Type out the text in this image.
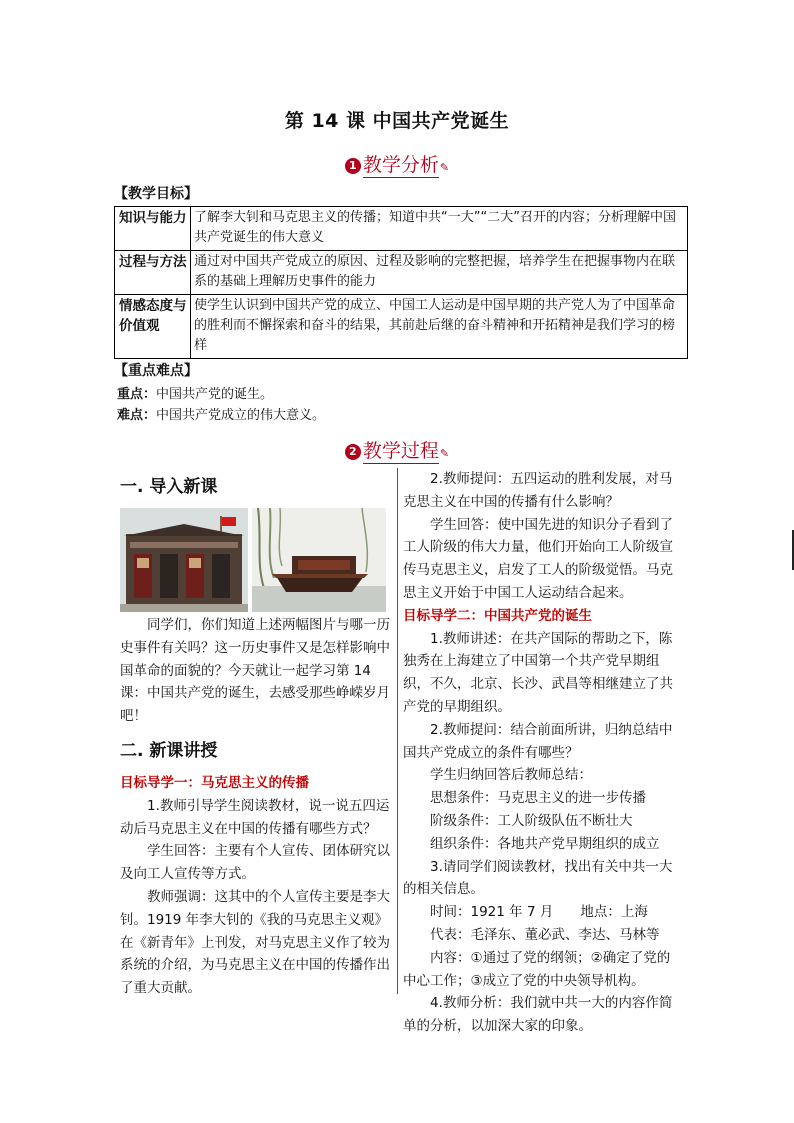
第 14 课 中国共产党诞生
1 教学分析✎
【教学目标】
知识与能力	了解李大钊和马克思主义的传播；知道中共“一大”“二大”召开的内容；分析理解中国共产党诞生的伟大意义
过程与方法	通过对中国共产党成立的原因、过程及影响的完整把握，培养学生在把握事物内在联系的基础上理解历史事件的能力
情感态度与价值观	使学生认识到中国共产党的成立、中国工人运动是中国早期的共产党人为了中国革命的胜利而不懈探索和奋斗的结果，其前赴后继的奋斗精神和开拓精神是我们学习的榜样
【重点难点】
重点：中国共产党的诞生。
难点：中国共产党成立的伟大意义。
2 教学过程✎
一. 导入新课

同学们，你们知道上述两幅图片与哪一历史事件有关吗？这一历史事件又是怎样影响中国革命的面貌的？今天就让一起学习第 14 课：中国共产党的诞生，去感受那些峥嵘岁月吧！

二. 新课讲授

目标导学一：马克思主义的传播

1.教师引导学生阅读教材，说一说五四运动后马克思主义在中国的传播有哪些方式？

学生回答：主要有个人宣传、团体研究以及向工人宣传等方式。

教师强调：这其中的个人宣传主要是李大钊。1919 年李大钊的《我的马克思主义观》在《新青年》上刊发，对马克思主义作了较为系统的介绍，为马克思主义在中国的传播作出了重大贡献。

2.教师提问：五四运动的胜利发展，对马克思主义在中国的传播有什么影响？

学生回答：使中国先进的知识分子看到了工人阶级的伟大力量，他们开始向工人阶级宣传马克思主义，启发了工人的阶级觉悟。马克思主义开始于中国工人运动结合起来。

目标导学二：中国共产党的诞生

1.教师讲述：在共产国际的帮助之下，陈独秀在上海建立了中国第一个共产党早期组织，不久，北京、长沙、武昌等相继建立了共产党的早期组织。

2.教师提问：结合前面所讲，归纳总结中国共产党成立的条件有哪些？

学生归纳回答后教师总结：

思想条件：马克思主义的进一步传播

阶级条件：工人阶级队伍不断壮大

组织条件：各地共产党早期组织的成立

3.请同学们阅读教材，找出有关中共一大的相关信息。

时间：1921 年 7 月　　地点：上海

代表：毛泽东、董必武、李达、马林等

内容：①通过了党的纲领；②确定了党的中心工作；③成立了党的中央领导机构。

4.教师分析：我们就中共一大的内容作简单的分析，以加深大家的印象。
